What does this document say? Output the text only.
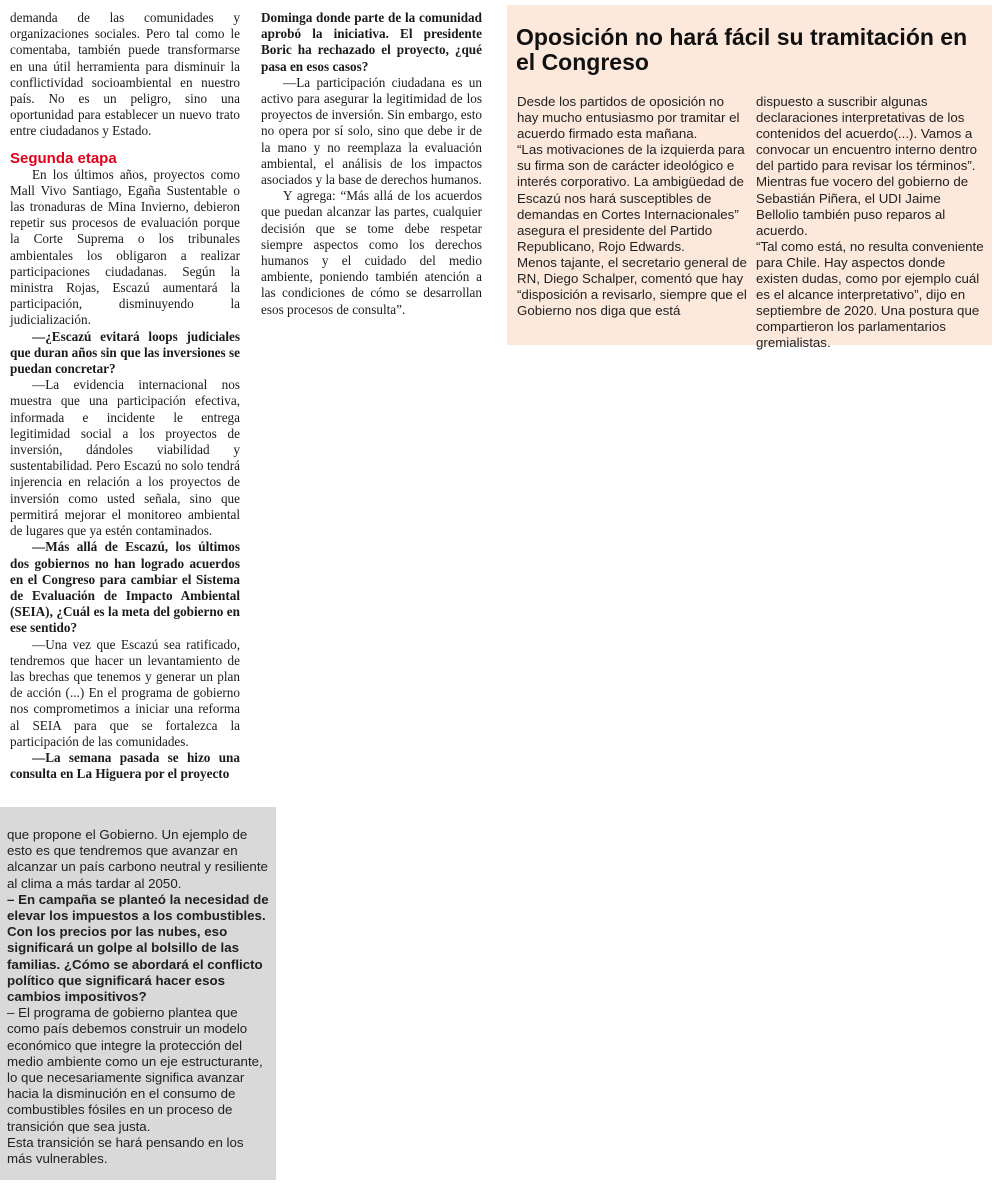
demanda de las comunidades y organizaciones sociales. Pero tal como le comentaba, también puede transformarse en una útil herramienta para disminuir la conflictividad socioambiental en nuestro país. No es un peligro, sino una oportunidad para establecer un nuevo trato entre ciudadanos y Estado.

Segunda etapa

En los últimos años, proyectos como Mall Vivo Santiago, Egaña Sustentable o las tronaduras de Mina Invierno, debieron repetir sus procesos de evaluación porque la Corte Suprema o los tribunales ambientales los obligaron a realizar participaciones ciudadanas. Según la ministra Rojas, Escazú aumentará la participación, disminuyendo la judicialización.

—¿Escazú evitará loops judiciales que duran años sin que las inversiones se puedan concretar?

—La evidencia internacional nos muestra que una participación efectiva, informada e incidente le entrega legitimidad social a los proyectos de inversión, dándoles viabilidad y sustentabilidad. Pero Escazú no solo tendrá injerencia en relación a los proyectos de inversión como usted señala, sino que permitirá mejorar el monitoreo ambiental de lugares que ya estén contaminados.

—Más allá de Escazú, los últimos dos gobiernos no han logrado acuerdos en el Congreso para cambiar el Sistema de Evaluación de Impacto Ambiental (SEIA), ¿Cuál es la meta del gobierno en ese sentido?

—Una vez que Escazú sea ratificado, tendremos que hacer un levantamiento de las brechas que tenemos y generar un plan de acción (...) En el programa de gobierno nos comprometimos a iniciar una reforma al SEIA para que se fortalezca la participación de las comunidades.

—La semana pasada se hizo una consulta en La Higuera por el proyecto

Dominga donde parte de la comunidad aprobó la iniciativa. El presidente Boric ha rechazado el proyecto, ¿qué pasa en esos casos?

—La participación ciudadana es un activo para asegurar la legitimidad de los proyectos de inversión. Sin embargo, esto no opera por sí solo, sino que debe ir de la mano y no reemplaza la evaluación ambiental, el análisis de los impactos asociados y la base de derechos humanos.

Y agrega: “Más allá de los acuerdos que puedan alcanzar las partes, cualquier decisión que se tome debe respetar siempre aspectos como los derechos humanos y el cuidado del medio ambiente, poniendo también atención a las condiciones de cómo se desarrollan esos procesos de consulta”.

Oposición no hará fácil su tramitación en el Congreso

Desde los partidos de oposición no hay mucho entusiasmo por tramitar el acuerdo firmado esta mañana.

“Las motivaciones de la izquierda para su firma son de carácter ideológico e interés corporativo. La ambigüedad de Escazú nos hará susceptibles de demandas en Cortes Internacionales” asegura el presidente del Partido Republicano, Rojo Edwards.

Menos tajante, el secretario general de RN, Diego Schalper, comentó que hay “disposición a revisarlo, siempre que el Gobierno nos diga que está

dispuesto a suscribir algunas declaraciones interpretativas de los contenidos del acuerdo(...). Vamos a convocar un encuentro interno dentro del partido para revisar los términos”.

Mientras fue vocero del gobierno de Sebastián Piñera, el UDI Jaime Bellolio también puso reparos al acuerdo.

“Tal como está, no resulta conveniente para Chile. Hay aspectos donde existen dudas, como por ejemplo cuál es el alcance interpretativo”, dijo en septiembre de 2020. Una postura que compartieron los parlamentarios gremialistas.

que propone el Gobierno. Un ejemplo de esto es que tendremos que avanzar en alcanzar un país carbono neutral y resiliente al clima a más tardar al 2050.

– En campaña se planteó la necesidad de elevar los impuestos a los combustibles. Con los precios por las nubes, eso significará un golpe al bolsillo de las familias. ¿Cómo se abordará el conflicto político que significará hacer esos cambios impositivos?

– El programa de gobierno plantea que como país debemos construir un modelo económico que integre la protección del medio ambiente como un eje estructurante, lo que necesariamente significa avanzar hacia la disminución en el consumo de combustibles fósiles en un proceso de transición que sea justa.

Esta transición se hará pensando en los más vulnerables.
